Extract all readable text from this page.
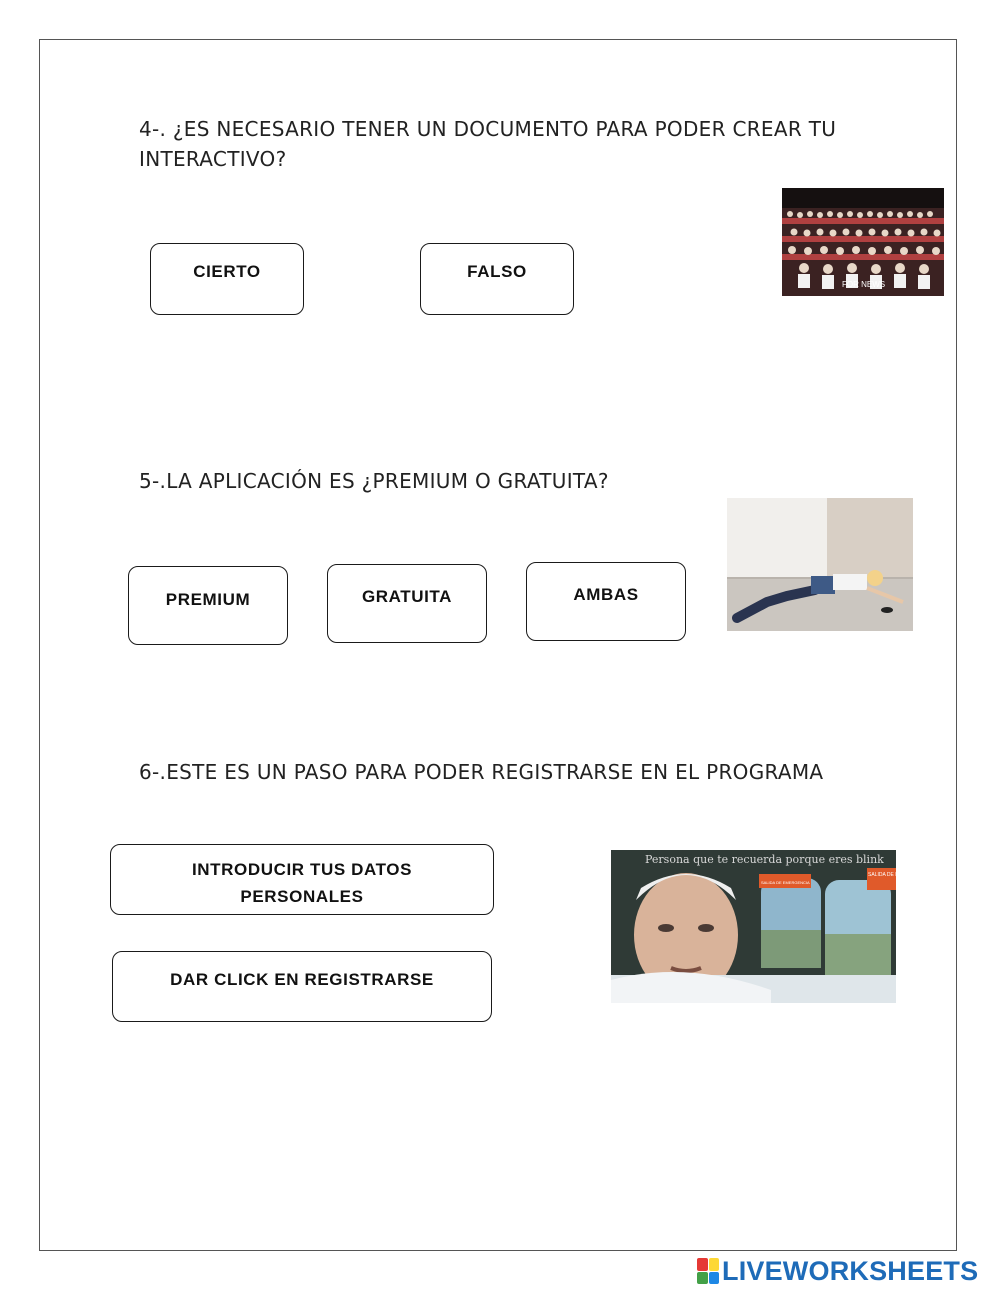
4-. ¿ES NECESARIO TENER UN DOCUMENTO PARA PODER CREAR TU INTERACTIVO?
CIERTO	FALSO
FOR NEWS
5-.LA APLICACIÓN ES ¿PREMIUM O GRATUITA?
PREMIUM	GRATUITA	AMBAS
6-.ESTE ES UN PASO PARA PODER REGISTRARSE EN EL PROGRAMA
INTRODUCIR TUS DATOS PERSONALES
DAR CLICK EN REGISTRARSE
Persona que te recuerda porque eres blink
SALIDA DE EMERGENCIA
SALIDA DE EMER
LIVEWORKSHEETS
